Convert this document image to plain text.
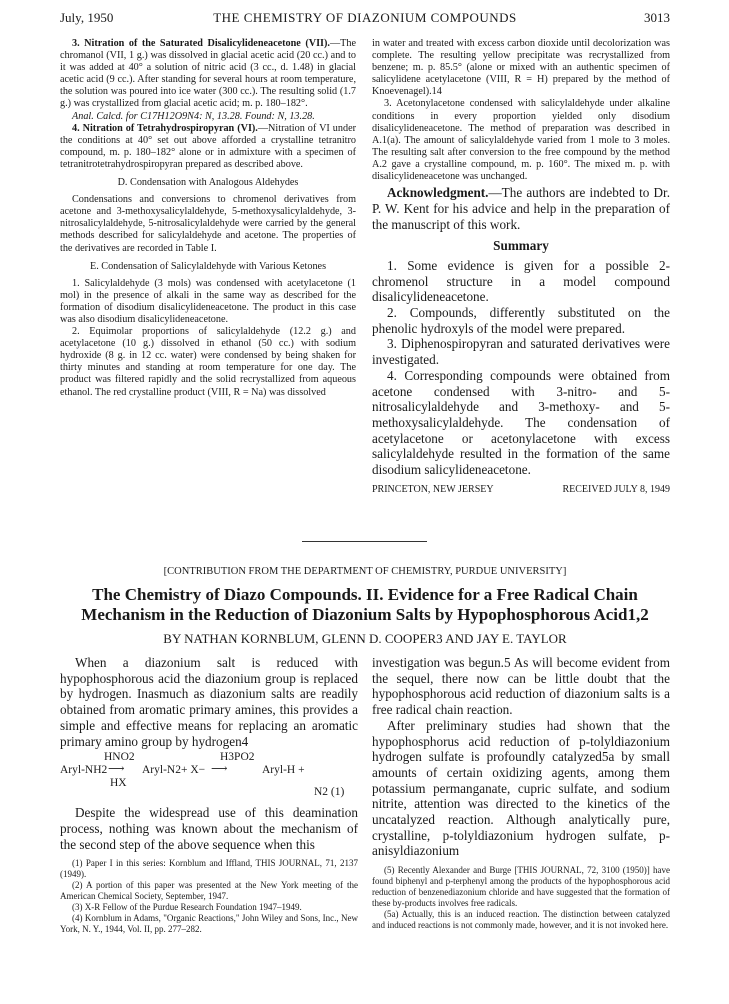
July, 1950	THE CHEMISTRY OF DIAZONIUM COMPOUNDS	3013

3. Nitration of the Saturated Disalicylideneacetone (VII).—The chromanol (VII, 1 g.) was dissolved in glacial acetic acid (20 cc.) and to it was added at 40° a solution of nitric acid (3 cc., d. 1.48) in glacial acetic acid (9 cc.). After standing for several hours at room temperature, the solution was poured into ice water (300 cc.). The resulting solid (1.7 g.) was crystallized from glacial acetic acid; m. p. 180–182°.

Anal. Calcd. for C17H12O9N4: N, 13.28. Found: N, 13.28.

4. Nitration of Tetrahydrospiropyran (VI).—Nitration of VI under the conditions at 40° set out above afforded a crystalline tetranitro compound, m. p. 180–182° alone or in admixture with a specimen of tetranitrotetrahydrospiropyran prepared as described above.

D. Condensation with Analogous Aldehydes

Condensations and conversions to chromenol derivatives from acetone and 3-methoxysalicylaldehyde, 5-methoxysalicylaldehyde, 3-nitrosalicylaldehyde, 5-nitrosalicylaldehyde were carried by the general methods described for salicylaldehyde and acetone. The properties of the derivatives are recorded in Table I.

E. Condensation of Salicylaldehyde with Various Ketones

1. Salicylaldehyde (3 mols) was condensed with acetylacetone (1 mol) in the presence of alkali in the same way as described for the formation of disodium disalicylideneacetone. The product in this case was also disodium disalicylideneacetone.

2. Equimolar proportions of salicylaldehyde (12.2 g.) and acetylacetone (10 g.) dissolved in ethanol (50 cc.) with sodium hydroxide (8 g. in 12 cc. water) were condensed by being shaken for thirty minutes and standing at room temperature for one day. The product was filtered rapidly and the solid recrystallized from aqueous ethanol. The red crystalline product (VIII, R = Na) was dissolved

in water and treated with excess carbon dioxide until decolorization was complete. The resulting yellow precipitate was recrystallized from benzene; m. p. 85.5° (alone or mixed with an authentic specimen of salicylidene acetylacetone (VIII, R = H) prepared by the method of Knoevenagel).14

3. Acetonylacetone condensed with salicylaldehyde under alkaline conditions in every proportion yielded only disodium disalicylideneacetone. The method of preparation was described in A.1(a). The amount of salicylaldehyde varied from 1 mole to 3 moles. The resulting salt after conversion to the free compound by the method A.2 gave a crystalline compound, m. p. 160°. The mixed m. p. with disalicylideneacetone was unchanged.

Acknowledgment.—The authors are indebted to Dr. P. W. Kent for his advice and help in the preparation of the manuscript of this work.

Summary

1. Some evidence is given for a possible 2-chromenol structure in a model compound disalicylideneacetone.

2. Compounds, differently substituted on the phenolic hydroxyls of the model were prepared.

3. Diphenospiropyran and saturated derivatives were investigated.

4. Corresponding compounds were obtained from acetone condensed with 3-nitro- and 5-nitrosalicylaldehyde and 3-methoxy- and 5-methoxysalicylaldehyde. The condensation of acetylacetone or acetonylacetone with excess salicylaldehyde resulted in the formation of the same disodium salicylideneacetone.

PRINCETON, NEW JERSEY	RECEIVED JULY 8, 1949
[CONTRIBUTION FROM THE DEPARTMENT OF CHEMISTRY, PURDUE UNIVERSITY]
The Chemistry of Diazo Compounds. II. Evidence for a Free Radical Chain
Mechanism in the Reduction of Diazonium Salts by Hypophosphorous Acid1,2
BY NATHAN KORNBLUM, GLENN D. COOPER3 AND JAY E. TAYLOR

When a diazonium salt is reduced with hypophosphorous acid the diazonium group is replaced by hydrogen. Inasmuch as diazonium salts are readily obtained from aromatic primary amines, this provides a simple and effective means for replacing an aromatic primary amino group by hydrogen4

HNO2	H3PO2
Aryl-NH2 ⟶ Aryl-N2+ X− ⟶	Aryl-H +
HX
N2 (1)

Despite the widespread use of this deamination process, nothing was known about the mechanism of the second step of the above sequence when this

(1) Paper I in this series: Kornblum and Iffland, THIS JOURNAL, 71, 2137 (1949).

(2) A portion of this paper was presented at the New York meeting of the American Chemical Society, September, 1947.

(3) X-R Fellow of the Purdue Research Foundation 1947–1949.

(4) Kornblum in Adams, "Organic Reactions," John Wiley and Sons, Inc., New York, N. Y., 1944, Vol. II, pp. 277–282.

investigation was begun.5 As will become evident from the sequel, there now can be little doubt that the hypophosphorous acid reduction of diazonium salts is a free radical chain reaction.

After preliminary studies had shown that the hypophosphorus acid reduction of p-tolyldiazonium hydrogen sulfate is profoundly catalyzed5a by small amounts of certain oxidizing agents, among them potassium permanganate, cupric sulfate, and sodium nitrite, attention was directed to the kinetics of the uncatalyzed reaction. Although analytically pure, crystalline, p-tolyldiazonium hydrogen sulfate, p-anisyldiazonium

(5) Recently Alexander and Burge [THIS JOURNAL, 72, 3100 (1950)] have found biphenyl and p-terphenyl among the products of the hypophosphorous acid reduction of benzenediazonium chloride and have suggested that the formation of these by-products involves free radicals.

(5a) Actually, this is an induced reaction. The distinction between catalyzed and induced reactions is not commonly made, however, and it is not invoked here.
